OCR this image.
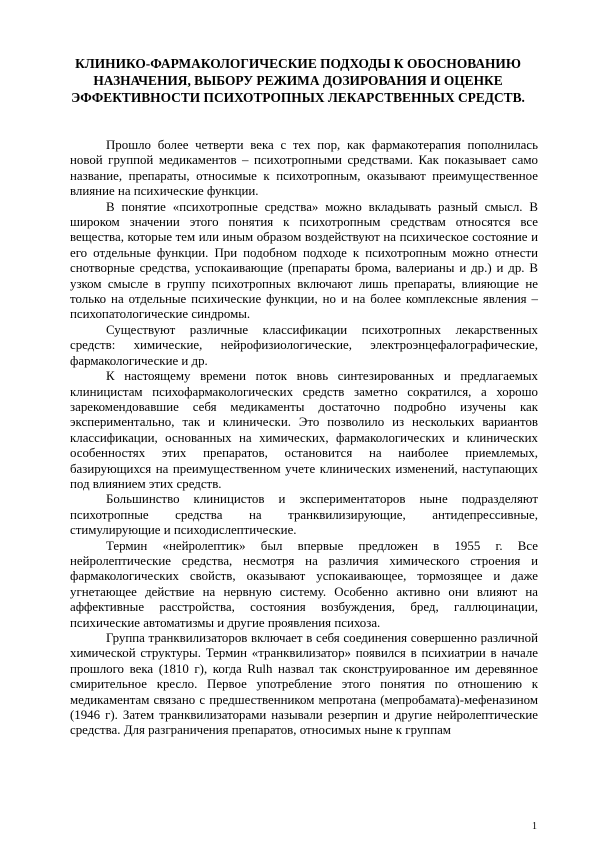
КЛИНИКО-ФАРМАКОЛОГИЧЕСКИЕ ПОДХОДЫ К ОБОСНОВАНИЮ НАЗНАЧЕНИЯ, ВЫБОРУ РЕЖИМА ДОЗИРОВАНИЯ И ОЦЕНКЕ ЭФФЕКТИВНОСТИ ПСИХОТРОПНЫХ ЛЕКАРСТВЕННЫХ СРЕДСТВ.

Прошло более четверти века с тех пор, как фармакотерапия пополнилась новой группой медикаментов – психотропными средствами. Как показывает само название, препараты, относимые к психотропным, оказывают преимущественное влияние на психические функции.

В понятие «психотропные средства» можно вкладывать разный смысл. В широком значении этого понятия к психотропным средствам относятся все вещества, которые тем или иным образом воздействуют на психическое состояние и его отдельные функции. При подобном подходе к психотропным можно отнести снотворные средства, успокаивающие (препараты брома, валерианы и др.) и др. В узком смысле в группу психотропных включают лишь препараты, влияющие не только на отдельные психические функции, но и на более комплексные явления – психопатологические синдромы.

Существуют различные классификации психотропных лекарственных средств: химические, нейрофизиологические, электроэнцефалографические, фармакологические и др.

К настоящему времени поток вновь синтезированных и предлагаемых клиницистам психофармакологических средств заметно сократился, а хорошо зарекомендовавшие себя медикаменты достаточно подробно изучены как экспериментально, так и клинически. Это позволило из нескольких вариантов классификации, основанных на химических, фармакологических и клинических особенностях этих препаратов, остановится на наиболее приемлемых, базирующихся на преимущественном учете клинических изменений, наступающих под влиянием этих средств.

Большинство клиницистов и экспериментаторов ныне подразделяют психотропные средства на транквилизирующие, антидепрессивные, стимулирующие и психодислептические.

Термин «нейролептик» был впервые предложен в 1955 г. Все нейролептические средства, несмотря на различия химического строения и фармакологических свойств, оказывают успокаивающее, тормозящее и даже угнетающее действие на нервную систему. Особенно активно они влияют на аффективные расстройства, состояния возбуждения, бред, галлюцинации, психические автоматизмы и другие проявления психоза.

Группа транквилизаторов включает в себя соединения совершенно различной химической структуры. Термин «транквилизатор» появился в психиатрии в начале прошлого века (1810 г), когда Rulh назвал так сконструированное им деревянное смирительное кресло. Первое употребление этого понятия по отношению к медикаментам связано с предшественником мепротана (мепробамата)-мефеназином (1946 г). Затем транквилизаторами называли резерпин и другие нейролептические средства. Для разграничения препаратов, относимых ныне к группам

1
